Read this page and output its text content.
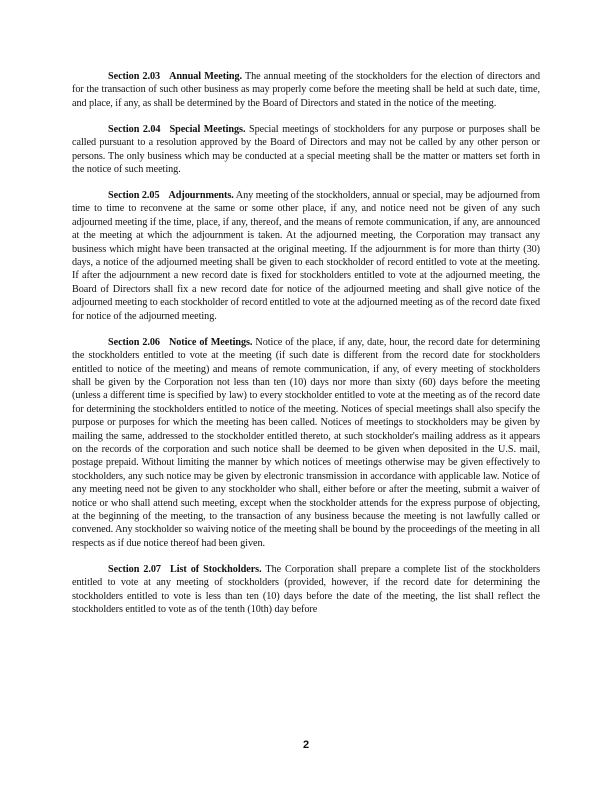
Section 2.03 Annual Meeting. The annual meeting of the stockholders for the election of directors and for the transaction of such other business as may properly come before the meeting shall be held at such date, time, and place, if any, as shall be determined by the Board of Directors and stated in the notice of the meeting.

Section 2.04 Special Meetings. Special meetings of stockholders for any purpose or purposes shall be called pursuant to a resolution approved by the Board of Directors and may not be called by any other person or persons. The only business which may be conducted at a special meeting shall be the matter or matters set forth in the notice of such meeting.

Section 2.05 Adjournments. Any meeting of the stockholders, annual or special, may be adjourned from time to time to reconvene at the same or some other place, if any, and notice need not be given of any such adjourned meeting if the time, place, if any, thereof, and the means of remote communication, if any, are announced at the meeting at which the adjournment is taken. At the adjourned meeting, the Corporation may transact any business which might have been transacted at the original meeting. If the adjournment is for more than thirty (30) days, a notice of the adjourned meeting shall be given to each stockholder of record entitled to vote at the meeting. If after the adjournment a new record date is fixed for stockholders entitled to vote at the adjourned meeting, the Board of Directors shall fix a new record date for notice of the adjourned meeting and shall give notice of the adjourned meeting to each stockholder of record entitled to vote at the adjourned meeting as of the record date fixed for notice of the adjourned meeting.

Section 2.06 Notice of Meetings. Notice of the place, if any, date, hour, the record date for determining the stockholders entitled to vote at the meeting (if such date is different from the record date for stockholders entitled to notice of the meeting) and means of remote communication, if any, of every meeting of stockholders shall be given by the Corporation not less than ten (10) days nor more than sixty (60) days before the meeting (unless a different time is specified by law) to every stockholder entitled to vote at the meeting as of the record date for determining the stockholders entitled to notice of the meeting. Notices of special meetings shall also specify the purpose or purposes for which the meeting has been called. Notices of meetings to stockholders may be given by mailing the same, addressed to the stockholder entitled thereto, at such stockholder's mailing address as it appears on the records of the corporation and such notice shall be deemed to be given when deposited in the U.S. mail, postage prepaid. Without limiting the manner by which notices of meetings otherwise may be given effectively to stockholders, any such notice may be given by electronic transmission in accordance with applicable law. Notice of any meeting need not be given to any stockholder who shall, either before or after the meeting, submit a waiver of notice or who shall attend such meeting, except when the stockholder attends for the express purpose of objecting, at the beginning of the meeting, to the transaction of any business because the meeting is not lawfully called or convened. Any stockholder so waiving notice of the meeting shall be bound by the proceedings of the meeting in all respects as if due notice thereof had been given.

Section 2.07 List of Stockholders. The Corporation shall prepare a complete list of the stockholders entitled to vote at any meeting of stockholders (provided, however, if the record date for determining the stockholders entitled to vote is less than ten (10) days before the date of the meeting, the list shall reflect the stockholders entitled to vote as of the tenth (10th) day before

2
